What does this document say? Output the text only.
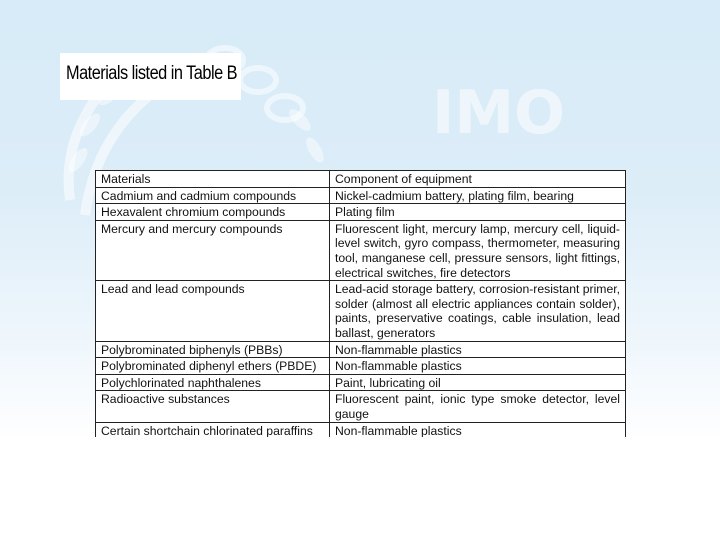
IMO
Materials listed in Table B
Materials	Component of equipment
Cadmium and cadmium compounds	Nickel-cadmium battery, plating film, bearing
Hexavalent chromium compounds	Plating film
Mercury and mercury compounds	Fluorescent light, mercury lamp, mercury cell, liquid-level switch, gyro compass, thermometer, measuring tool, manganese cell, pressure sensors, light fittings, electrical switches, fire detectors
Lead and lead compounds	Lead-acid storage battery, corrosion-resistant primer, solder (almost all electric appliances contain solder), paints, preservative coatings, cable insulation, lead ballast, generators
Polybrominated biphenyls (PBBs)	Non-flammable plastics
Polybrominated diphenyl ethers (PBDE)	Non-flammable plastics
Polychlorinated naphthalenes	Paint, lubricating oil
Radioactive substances	Fluorescent paint, ionic type smoke detector, level gauge
Certain shortchain chlorinated paraffins	Non-flammable plastics
